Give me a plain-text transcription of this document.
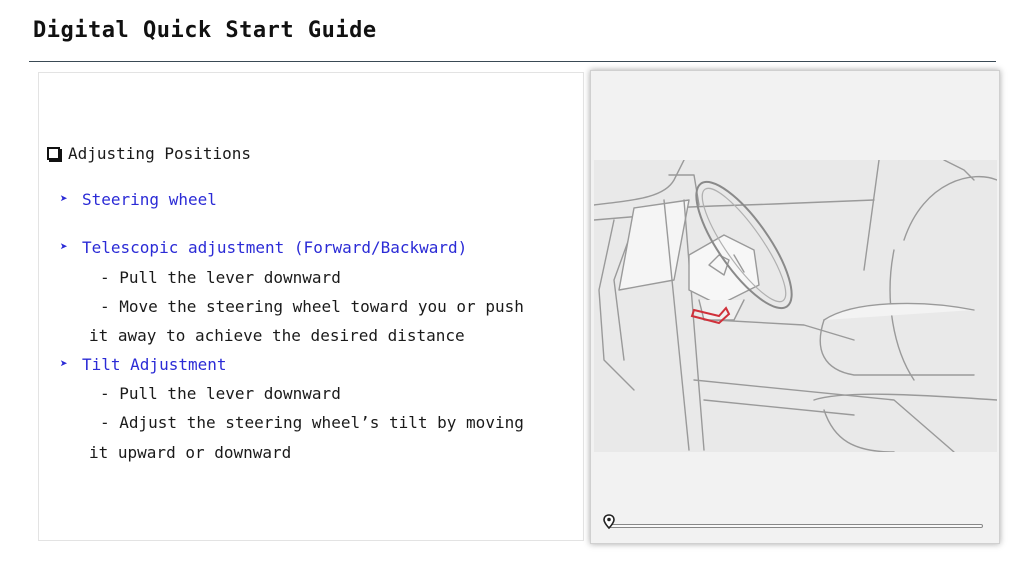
Digital Quick Start Guide
Adjusting Positions
➤ Steering wheel
➤ Telescopic adjustment (Forward/Backward)
- Pull the lever downward
- Move the steering wheel toward you or push
it away to achieve the desired distance
➤ Tilt Adjustment
- Pull the lever downward
- Adjust the steering wheel’s tilt by moving
it upward or downward
